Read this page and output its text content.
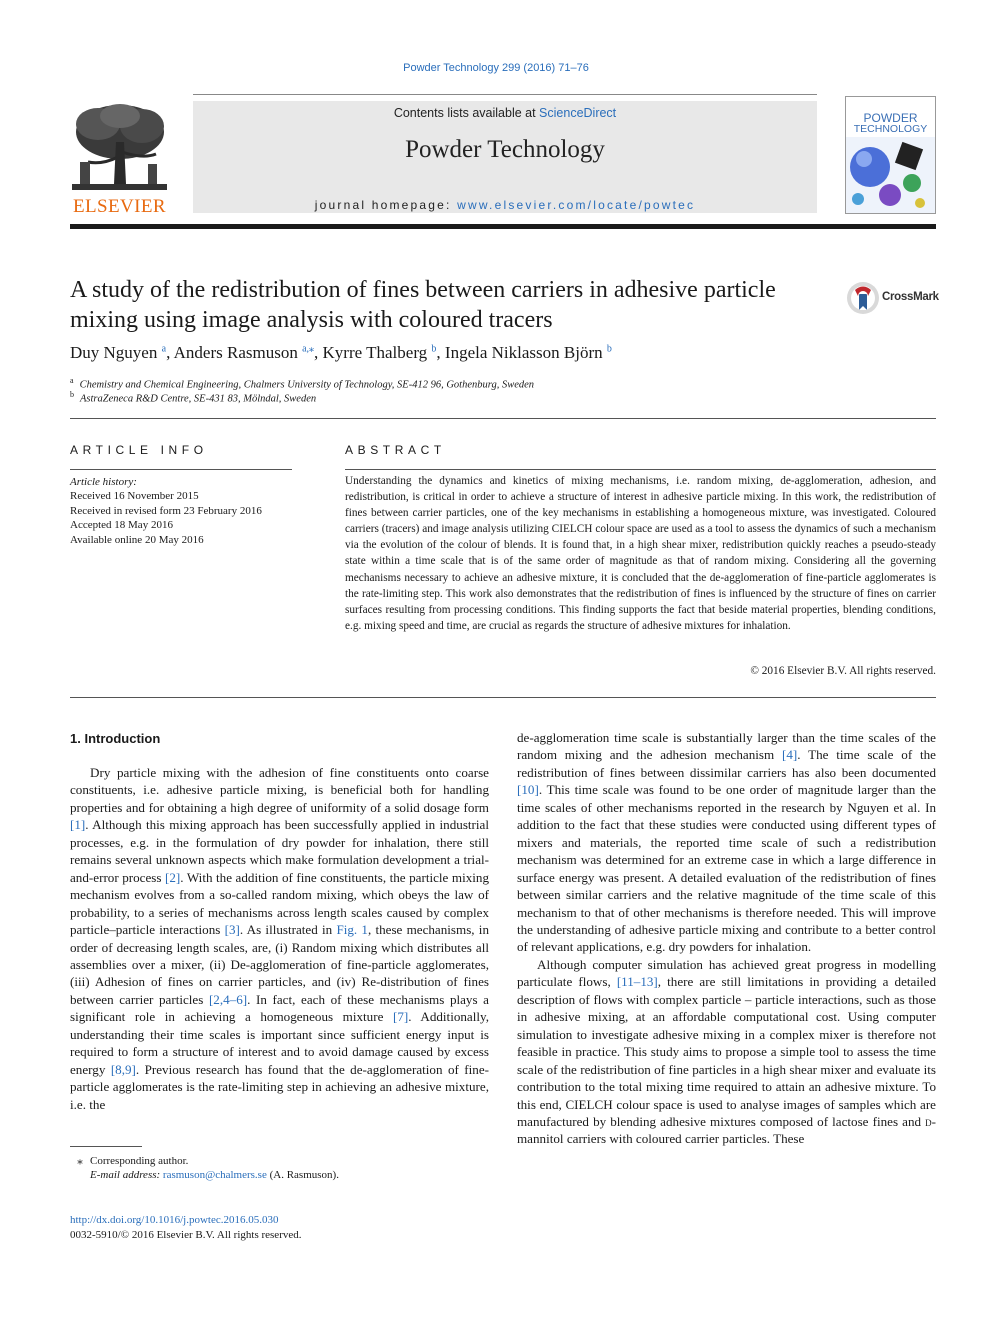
Powder Technology 299 (2016) 71–76
Contents lists available at ScienceDirect
Powder Technology
journal homepage: www.elsevier.com/locate/powtec
ELSEVIER
POWDER
TECHNOLOGY
A study of the redistribution of fines between carriers in adhesive particle mixing using image analysis with coloured tracers
CrossMark
Duy Nguyen $^a$, Anders Rasmuson $^{a,⁎}$, Kyrre Thalberg $^b$, Ingela Niklasson Björn $^b$
$^a$ Chemistry and Chemical Engineering, Chalmers University of Technology, SE-412 96, Gothenburg, Sweden
$^b$ AstraZeneca R&D Centre, SE-431 83, Mölndal, Sweden
ARTICLE INFO
Article history:
Received 16 November 2015
Received in revised form 23 February 2016
Accepted 18 May 2016
Available online 20 May 2016
ABSTRACT
Understanding the dynamics and kinetics of mixing mechanisms, i.e. random mixing, de-agglomeration, adhesion, and redistribution, is critical in order to achieve a structure of interest in adhesive particle mixing. In this work, the redistribution of fines between carrier particles, one of the key mechanisms in establishing a homogeneous mixture, was investigated. Coloured carriers (tracers) and image analysis utilizing CIELCH colour space are used as a tool to assess the dynamics of such a mechanism via the evolution of the colour of blends. It is found that, in a high shear mixer, redistribution quickly reaches a pseudo-steady state within a time scale that is of the same order of magnitude as that of random mixing. Considering all the governing mechanisms necessary to achieve an adhesive mixture, it is concluded that the de-agglomeration of fine-particle agglomerates is the rate-limiting step. This work also demonstrates that the redistribution of fines is influenced by the structure of fines on carrier surfaces resulting from processing conditions. This finding supports the fact that beside material properties, blending conditions, e.g. mixing speed and time, are crucial as regards the structure of adhesive mixtures for inhalation.
© 2016 Elsevier B.V. All rights reserved.
1. Introduction

Dry particle mixing with the adhesion of fine constituents onto coarse constituents, i.e. adhesive particle mixing, is beneficial both for handling properties and for obtaining a high degree of uniformity of a solid dosage form [1]. Although this mixing approach has been successfully applied in industrial processes, e.g. in the formulation of dry powder for inhalation, there still remains several unknown aspects which make formulation development a trial-and-error process [2]. With the addition of fine constituents, the particle mixing mechanism evolves from a so-called random mixing, which obeys the law of probability, to a series of mechanisms across length scales caused by complex particle–particle interactions [3]. As illustrated in Fig. 1, these mechanisms, in order of decreasing length scales, are, (i) Random mixing which distributes all assemblies over a mixer, (ii) De-agglomeration of fine-particle agglomerates, (iii) Adhesion of fines on carrier particles, and (iv) Re-distribution of fines between carrier particles [2,4–6]. In fact, each of these mechanisms plays a significant role in achieving a homogeneous mixture [7]. Additionally, understanding their time scales is important since sufficient energy input is required to form a structure of interest and to avoid damage caused by excess energy [8,9]. Previous research has found that the de-agglomeration of fine-particle agglomerates is the rate-limiting step in achieving an adhesive mixture, i.e. the

de-agglomeration time scale is substantially larger than the time scales of the random mixing and the adhesion mechanism [4]. The time scale of the redistribution of fines between dissimilar carriers has also been documented [10]. This time scale was found to be one order of magnitude larger than the time scales of other mechanisms reported in the research by Nguyen et al. In addition to the fact that these studies were conducted using different types of mixers and materials, the reported time scale of such a redistribution mechanism was determined for an extreme case in which a large difference in surface energy was present. A detailed evaluation of the redistribution of fines between similar carriers and the relative magnitude of the time scale of this mechanism to that of other mechanisms is therefore needed. This will improve the understanding of adhesive particle mixing and contribute to a better control of relevant applications, e.g. dry powders for inhalation.

Although computer simulation has achieved great progress in modelling particulate flows, [11–13], there are still limitations in providing a detailed description of flows with complex particle – particle interactions, such as those in adhesive mixing, at an affordable computational cost. Using computer simulation to investigate adhesive mixing in a complex mixer is therefore not feasible in practice. This study aims to propose a simple tool to assess the time scale of the redistribution of fine particles in a high shear mixer and evaluate its contribution to the total mixing time required to attain an adhesive mixture. To this end, CIELCH colour space is used to analyse images of samples which are manufactured by blending adhesive mixtures composed of lactose fines and d-mannitol carriers with coloured carrier particles. These

⁎ Corresponding author.
E-mail address: rasmuson@chalmers.se (A. Rasmuson).
http://dx.doi.org/10.1016/j.powtec.2016.05.030
0032-5910/© 2016 Elsevier B.V. All rights reserved.
